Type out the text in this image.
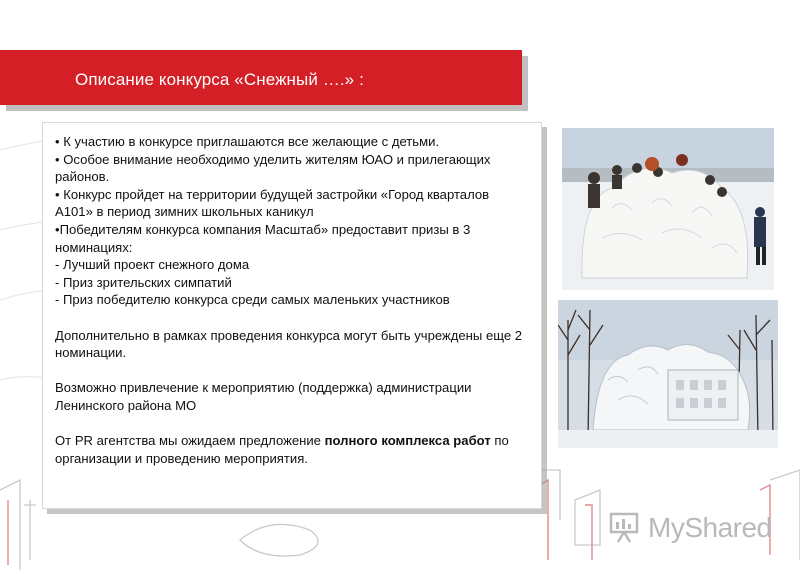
Описание конкурса «Снежный ….» :

• К участию в конкурсе приглашаются все желающие с детьми.

• Особое внимание необходимо уделить жителям ЮАО и прилегающих районов.

• Конкурс пройдет на территории будущей застройки «Город кварталов А101» в период зимних школьных каникул

•Победителям конкурса компания Масштаб» предоставит призы в 3 номинациях:

- Лучший проект снежного дома

- Приз зрительских симпатий

- Приз победителю конкурса среди самых маленьких участников

Дополнительно в рамках проведения конкурса могут быть учреждены еще 2 номинации.

Возможно привлечение к мероприятию (поддержка) администрации Ленинского района МО

От PR агентства мы ожидаем предложение полного комплекса работ по организации и проведению мероприятия.

MyShared
